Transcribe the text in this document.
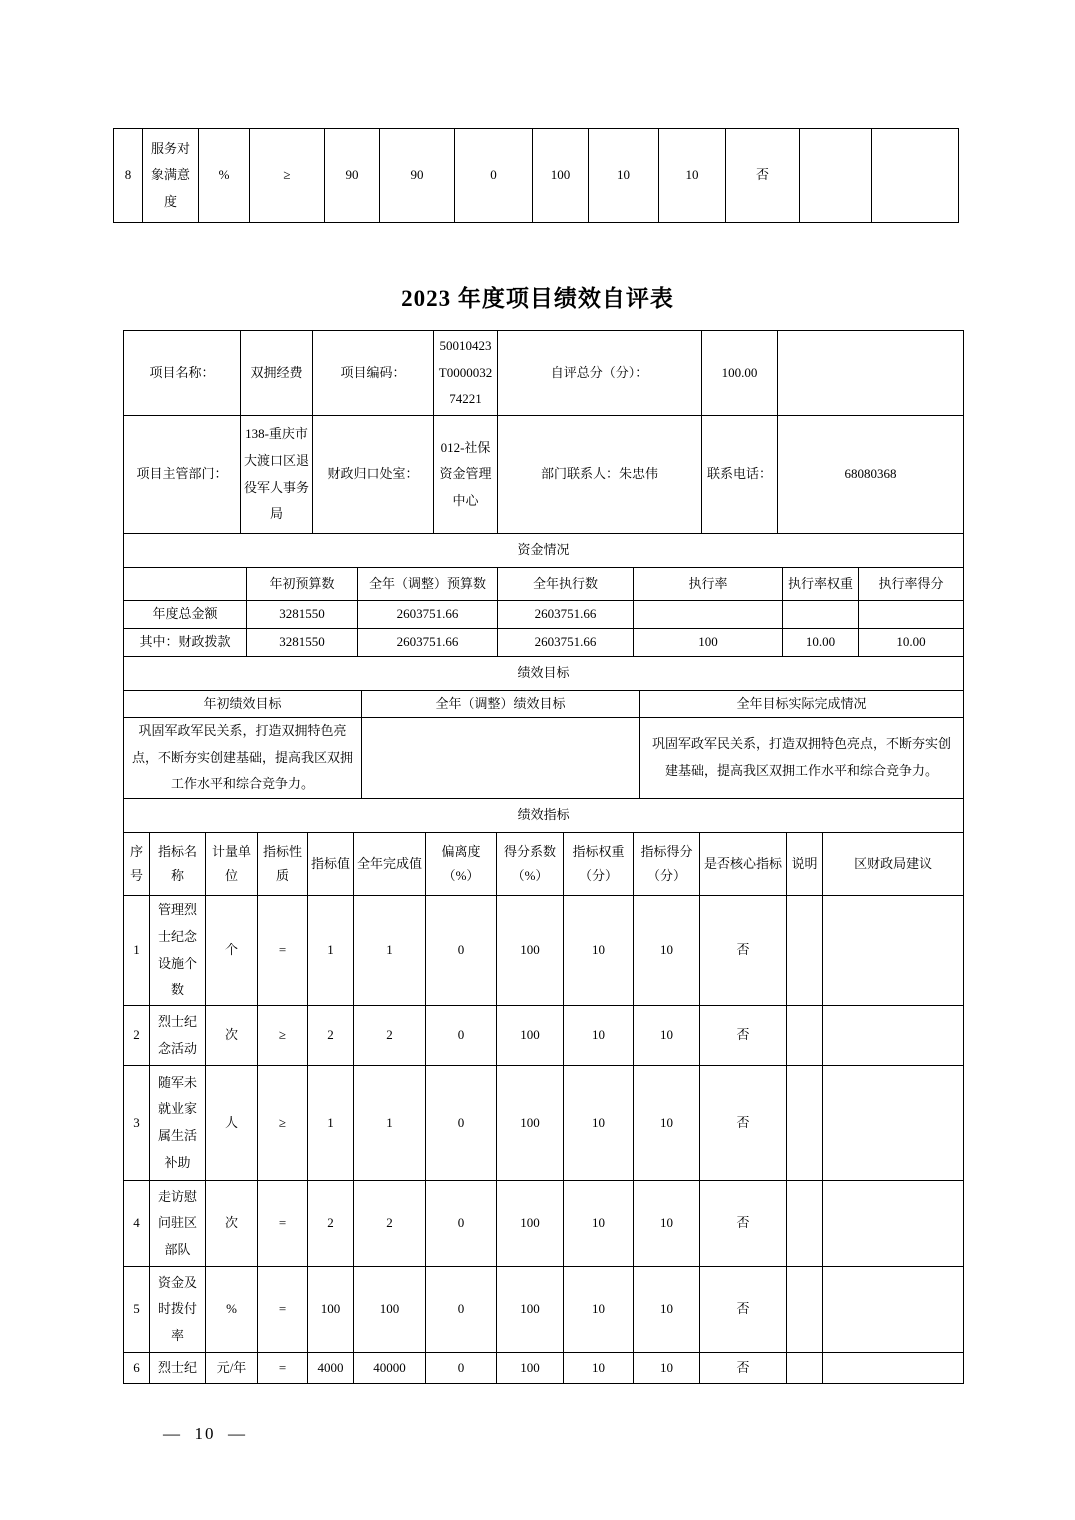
8	服务对象满意度	%	≥	90	90	0	100	10	10	否		
2023 年度项目绩效自评表
项目名称：	双拥经费	项目编码：	50010423T000003274221	自评总分（分）：	100.00	
项目主管部门：	138-重庆市大渡口区退役军人事务局	财政归口处室：	012-社保资金管理中心	部门联系人：朱忠伟	联系电话：	68080368
资金情况						
	年初预算数	全年（调整）预算数	全年执行数	执行率	执行率权重	执行率得分
年度总金额	3281550	2603751.66	2603751.66			
其中：财政拨款	3281550	2603751.66	2603751.66	100	10.00	10.00
绩效目标		
年初绩效目标	全年（调整）绩效目标	全年目标实际完成情况
巩固军政军民关系，打造双拥特色亮点，不断夯实创建基础，提高我区双拥工作水平和综合竞争力。		巩固军政军民关系，打造双拥特色亮点，不断夯实创建基础，提高我区双拥工作水平和综合竞争力。
绩效指标												
序号	指标名称	计量单位	指标性质	指标值	全年完成值	偏离度（%）	得分系数（%）	指标权重（分）	指标得分（分）	是否核心指标	说明	区财政局建议
1	管理烈士纪念设施个数	个	=	1	1	0	100	10	10	否		
2	烈士纪念活动	次	≥	2	2	0	100	10	10	否		
3	随军未就业家属生活补助	人	≥	1	1	0	100	10	10	否		
4	走访慰问驻区部队	次	=	2	2	0	100	10	10	否		
5	资金及时拨付率	%	=	100	100	0	100	10	10	否		
6	烈士纪	元/年	=	4000	40000	0	100	10	10	否		
—  10  —
